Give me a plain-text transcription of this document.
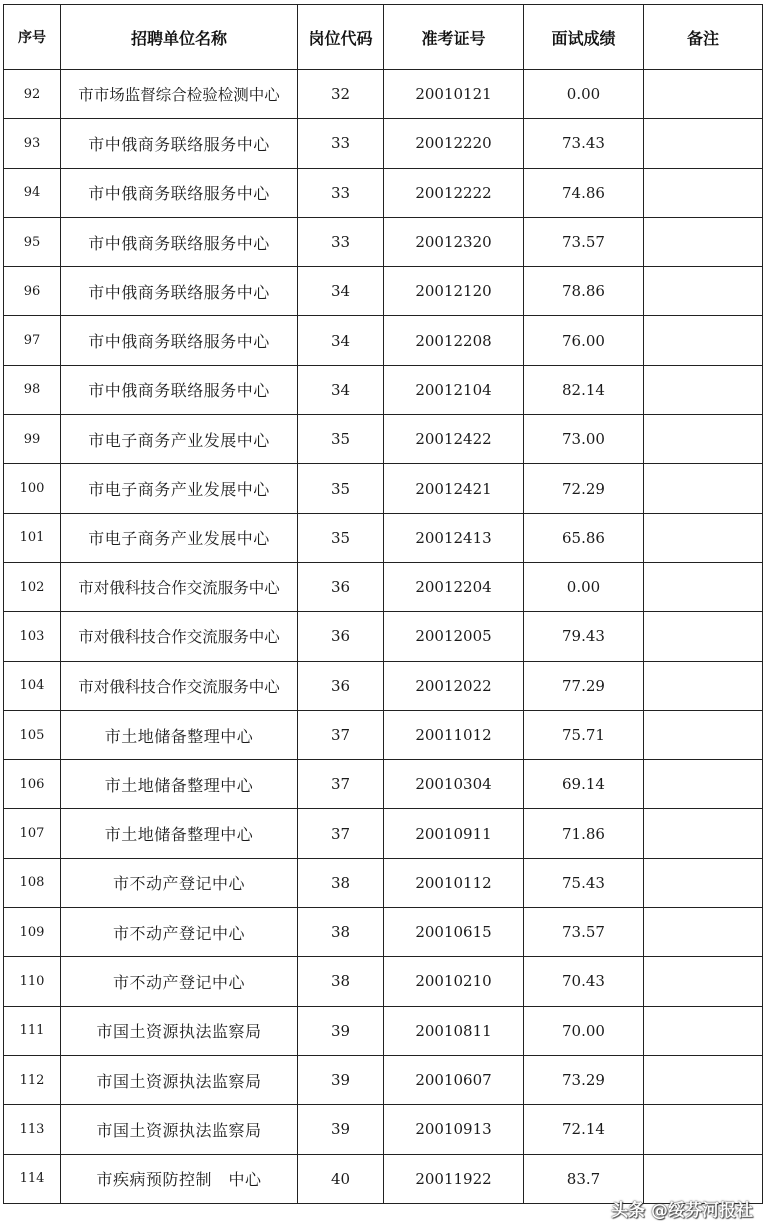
序号	招聘单位名称	岗位代码	准考证号	面试成绩	备注
92	市市场监督综合检验检测中心	32	20010121	0.00	
93	市中俄商务联络服务中心	33	20012220	73.43	
94	市中俄商务联络服务中心	33	20012222	74.86	
95	市中俄商务联络服务中心	33	20012320	73.57	
96	市中俄商务联络服务中心	34	20012120	78.86	
97	市中俄商务联络服务中心	34	20012208	76.00	
98	市中俄商务联络服务中心	34	20012104	82.14	
99	市电子商务产业发展中心	35	20012422	73.00	
100	市电子商务产业发展中心	35	20012421	72.29	
101	市电子商务产业发展中心	35	20012413	65.86	
102	市对俄科技合作交流服务中心	36	20012204	0.00	
103	市对俄科技合作交流服务中心	36	20012005	79.43	
104	市对俄科技合作交流服务中心	36	20012022	77.29	
105	市土地储备整理中心	37	20011012	75.71	
106	市土地储备整理中心	37	20010304	69.14	
107	市土地储备整理中心	37	20010911	71.86	
108	市不动产登记中心	38	20010112	75.43	
109	市不动产登记中心	38	20010615	73.57	
110	市不动产登记中心	38	20010210	70.43	
111	市国土资源执法监察局	39	20010811	70.00	
112	市国土资源执法监察局	39	20010607	73.29	
113	市国土资源执法监察局	39	20010913	72.14	
114	市疾病预防控制　中心	40	20011922	83.7	
头条 @绥芬河报社
